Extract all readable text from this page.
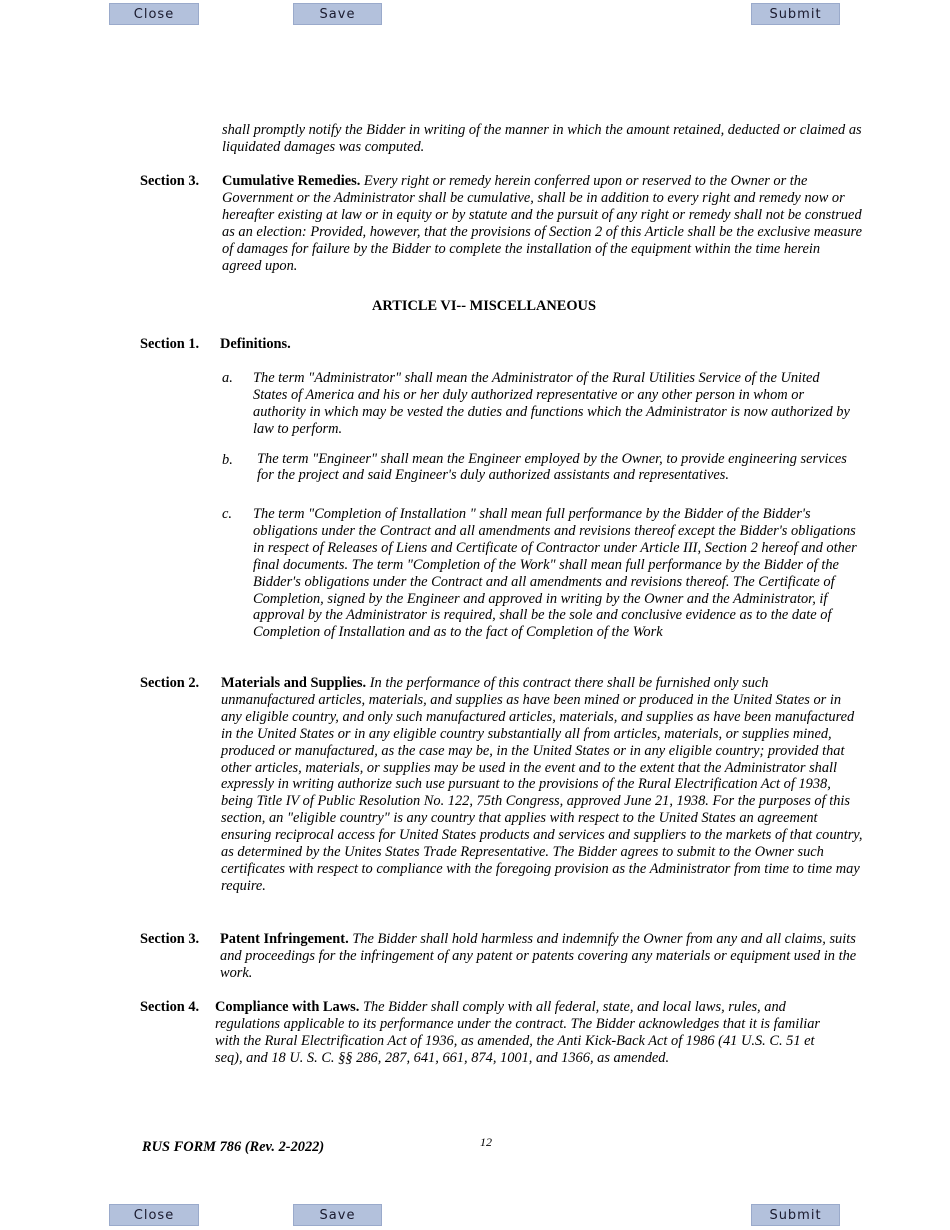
Close	Save	Submit
shall promptly notify the Bidder in writing of the manner in which the amount retained, deducted or claimed as liquidated damages was computed.
Section 3. Cumulative Remedies. Every right or remedy herein conferred upon or reserved to the Owner or the Government or the Administrator shall be cumulative, shall be in addition to every right and remedy now or hereafter existing at law or in equity or by statute and the pursuit of any right or remedy shall not be construed as an election: Provided, however, that the provisions of Section 2 of this Article shall be the exclusive measure of damages for failure by the Bidder to complete the installation of the equipment within the time herein agreed upon.
ARTICLE VI-- MISCELLANEOUS
Section 1. Definitions.
a. The term "Administrator" shall mean the Administrator of the Rural Utilities Service of the United States of America and his or her duly authorized representative or any other person in whom or authority in which may be vested the duties and functions which the Administrator is now authorized by law to perform.
b. The term "Engineer" shall mean the Engineer employed by the Owner, to provide engineering services for the project and said Engineer's duly authorized assistants and representatives.
c. The term "Completion of Installation " shall mean full performance by the Bidder of the Bidder's obligations under the Contract and all amendments and revisions thereof except the Bidder's obligations in respect of Releases of Liens and Certificate of Contractor under Article III, Section 2 hereof and other final documents. The term "Completion of the Work" shall mean full performance by the Bidder of the Bidder's obligations under the Contract and all amendments and revisions thereof. The Certificate of Completion, signed by the Engineer and approved in writing by the Owner and the Administrator, if approval by the Administrator is required, shall be the sole and conclusive evidence as to the date of Completion of Installation and as to the fact of Completion of the Work
Section 2. Materials and Supplies. In the performance of this contract there shall be furnished only such unmanufactured articles, materials, and supplies as have been mined or produced in the United States or in any eligible country, and only such manufactured articles, materials, and supplies as have been manufactured in the United States or in any eligible country substantially all from articles, materials, or supplies mined, produced or manufactured, as the case may be, in the United States or in any eligible country; provided that other articles, materials, or supplies may be used in the event and to the extent that the Administrator shall expressly in writing authorize such use pursuant to the provisions of the Rural Electrification Act of 1938, being Title IV of Public Resolution No. 122, 75th Congress, approved June 21, 1938. For the purposes of this section, an "eligible country" is any country that applies with respect to the United States an agreement ensuring reciprocal access for United States products and services and suppliers to the markets of that country, as determined by the Unites States Trade Representative. The Bidder agrees to submit to the Owner such certificates with respect to compliance with the foregoing provision as the Administrator from time to time may require.
Section 3. Patent Infringement. The Bidder shall hold harmless and indemnify the Owner from any and all claims, suits and proceedings for the infringement of any patent or patents covering any materials or equipment used in the work.
Section 4. Compliance with Laws. The Bidder shall comply with all federal, state, and local laws, rules, and regulations applicable to its performance under the contract. The Bidder acknowledges that it is familiar with the Rural Electrification Act of 1936, as amended, the Anti Kick-Back Act of 1986 (41 U.S. C. 51 et seq), and 18 U. S. C. §§ 286, 287, 641, 661, 874, 1001, and 1366, as amended.
RUS FORM 786 (Rev. 2-2022)	12
Close	Save	Submit
